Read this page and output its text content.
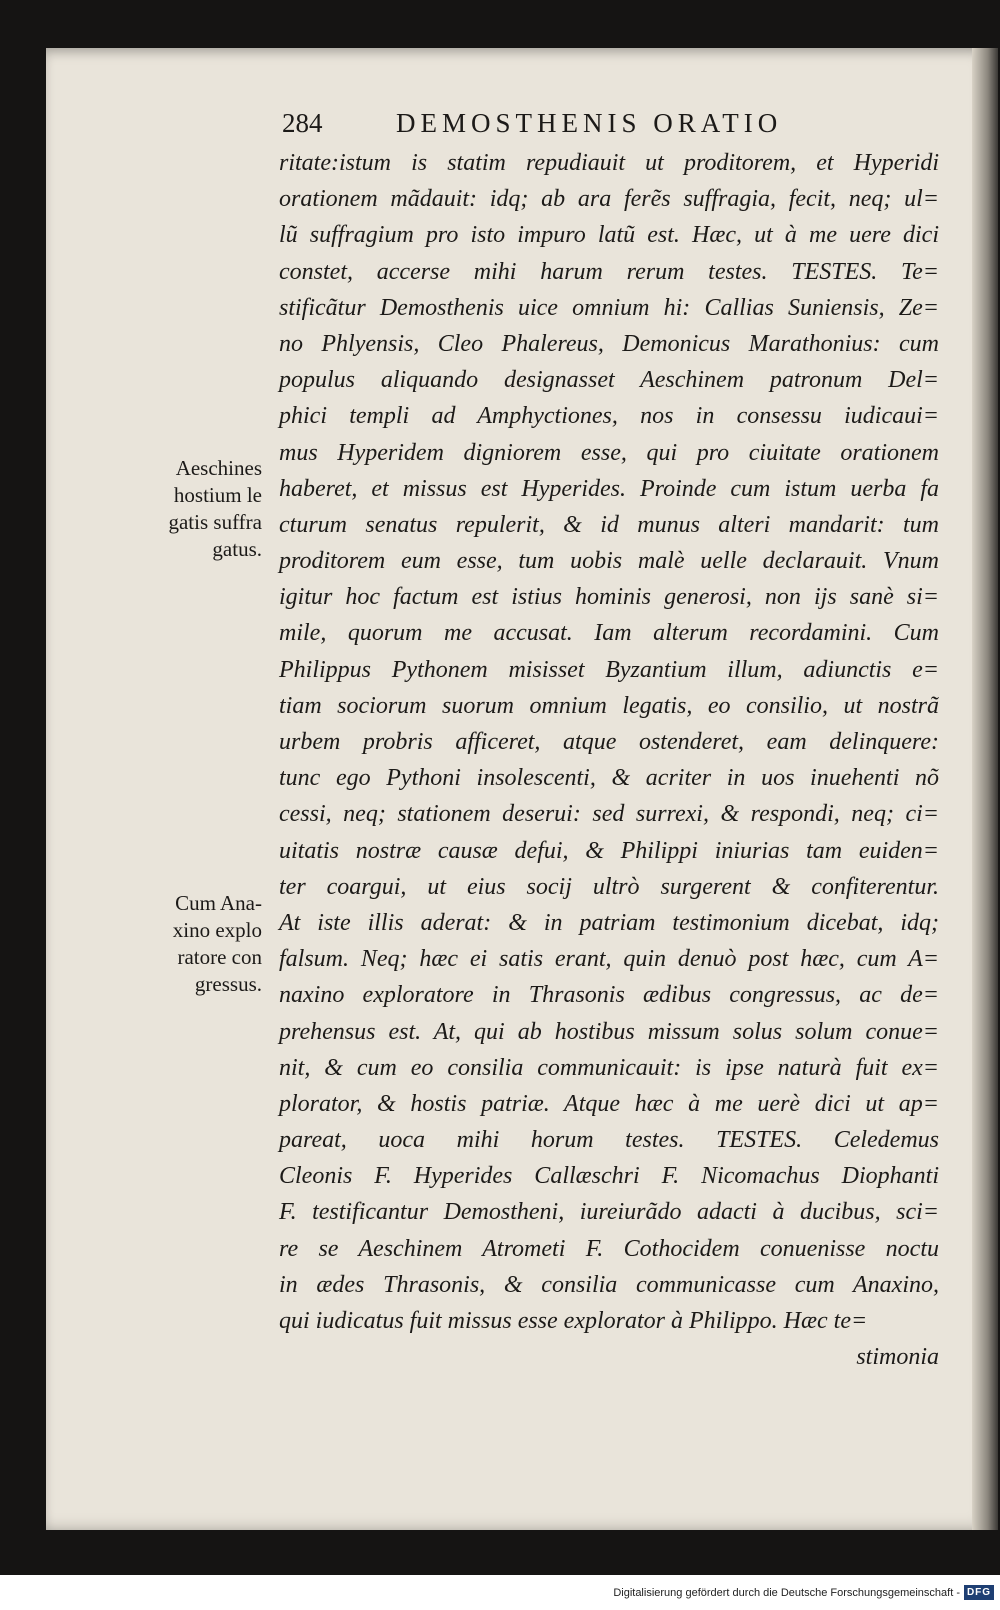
284	DEMOSTHENIS ORATIO
ritate:istum is statim repudiauit ut proditorem, et Hyperidi
orationem mãdauit: idq; ab ara ferẽs suffragia, fecit, neq; ul=
lũ suffragium pro isto impuro latũ est. Hæc, ut à me uere dici
constet, accerse mihi harum rerum testes. TESTES. Te=
stificãtur Demosthenis uice omnium hi: Callias Suniensis, Ze=
no Phlyensis, Cleo Phalereus, Demonicus Marathonius: cum
populus aliquando designasset Aeschinem patronum Del=
phici templi ad Amphyctiones, nos in consessu iudicaui=
mus Hyperidem digniorem esse, qui pro ciuitate orationem
haberet, et missus est Hyperides. Proinde cum istum uerba fa
cturum senatus repulerit, & id munus alteri mandarit: tum
proditorem eum esse, tum uobis malè uelle declarauit. Vnum
igitur hoc factum est istius hominis generosi, non ijs sanè si=
mile, quorum me accusat. Iam alterum recordamini. Cum
Philippus Pythonem misisset Byzantium illum, adiunctis e=
tiam sociorum suorum omnium legatis, eo consilio, ut nostrã
urbem probris afficeret, atque ostenderet, eam delinquere:
tunc ego Pythoni insolescenti, & acriter in uos inuehenti nõ
cessi, neq; stationem deserui: sed surrexi, & respondi, neq; ci=
uitatis nostræ causæ defui, & Philippi iniurias tam euiden=
ter coargui, ut eius socij ultrò surgerent & confiterentur.
At iste illis aderat: & in patriam testimonium dicebat, idq;
falsum. Neq; hæc ei satis erant, quin denuò post hæc, cum A=
naxino exploratore in Thrasonis ædibus congressus, ac de=
prehensus est. At, qui ab hostibus missum solus solum conue=
nit, & cum eo consilia communicauit: is ipse naturà fuit ex=
plorator, & hostis patriæ. Atque hæc à me uerè dici ut ap=
pareat, uoca mihi horum testes. TESTES. Celedemus
Cleonis F. Hyperides Callæschri F. Nicomachus Diophanti
F. testificantur Demostheni, iureiurãdo adacti à ducibus, sci=
re se Aeschinem Atrometi F. Cothocidem conuenisse noctu
in ædes Thrasonis, & consilia communicasse cum Anaxino,
qui iudicatus fuit missus esse explorator à Philippo. Hæc te=
stimonia
Aeschines
hostium le
gatis suffra
gatus.
Cum Ana-
xino explo
ratore con
gressus.
Digitalisierung gefördert durch die Deutsche Forschungsgemeinschaft - DFG
